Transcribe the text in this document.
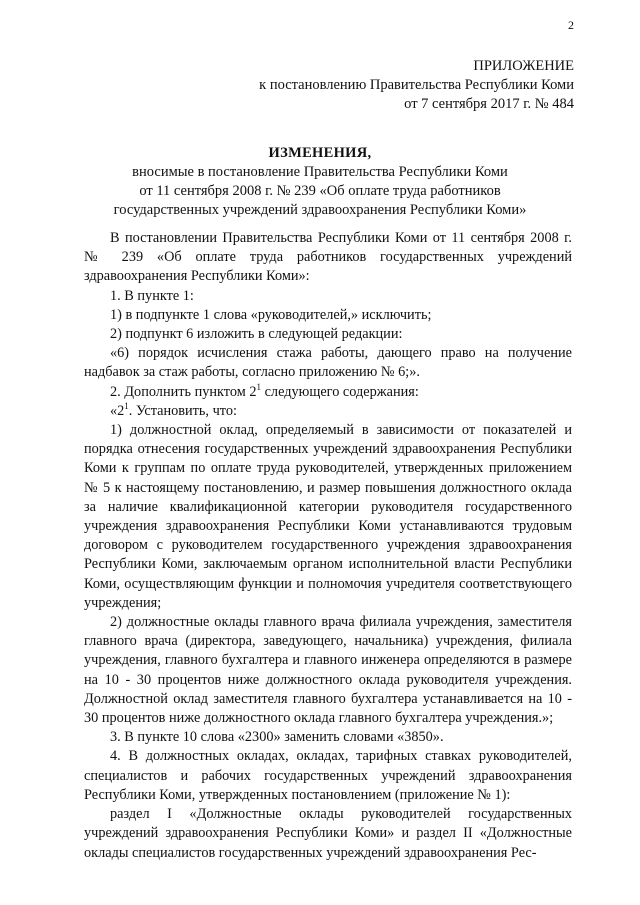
2
ПРИЛОЖЕНИЕ
к постановлению Правительства Республики Коми
от 7 сентября 2017 г. № 484
ИЗМЕНЕНИЯ,
вносимые в постановление Правительства Республики Коми
от 11 сентября 2008 г. № 239 «Об оплате труда работников
государственных учреждений здравоохранения Республики Коми»

В постановлении Правительства Республики Коми от 11 сентября 2008 г. № 239 «Об оплате труда работников государственных учреждений здравоохранения Республики Коми»:

1. В пункте 1:

1) в подпункте 1 слова «руководителей,» исключить;

2) подпункт 6 изложить в следующей редакции:

«6) порядок исчисления стажа работы, дающего право на получение надбавок за стаж работы, согласно приложению № 6;».

2. Дополнить пунктом $2^1$ следующего содержания:

«$2^1$. Установить, что:

1) должностной оклад, определяемый в зависимости от показателей и порядка отнесения государственных учреждений здравоохранения Республики Коми к группам по оплате труда руководителей, утвержденных приложением № 5 к настоящему постановлению, и размер повышения должностного оклада за наличие квалификационной категории руководителя государственного учреждения здравоохранения Республики Коми устанавливаются трудовым договором с руководителем государственного учреждения здравоохранения Республики Коми, заключаемым органом исполнительной власти Республики Коми, осуществляющим функции и полномочия учредителя соответствующего учреждения;

2) должностные оклады главного врача филиала учреждения, заместителя главного врача (директора, заведующего, начальника) учреждения, филиала учреждения, главного бухгалтера и главного инженера определяются в размере на 10 - 30 процентов ниже должностного оклада руководителя учреждения. Должностной оклад заместителя главного бухгалтера устанавливается на 10 - 30 процентов ниже должностного оклада главного бухгалтера учреждения.»;

3. В пункте 10 слова «2300» заменить словами «3850».

4. В должностных окладах, окладах, тарифных ставках руководителей, специалистов и рабочих государственных учреждений здравоохранения Республики Коми, утвержденных постановлением (приложение № 1):

раздел I «Должностные оклады руководителей государственных учреждений здравоохранения Республики Коми» и раздел II «Должностные оклады специалистов государственных учреждений здравоохранения Рес-
